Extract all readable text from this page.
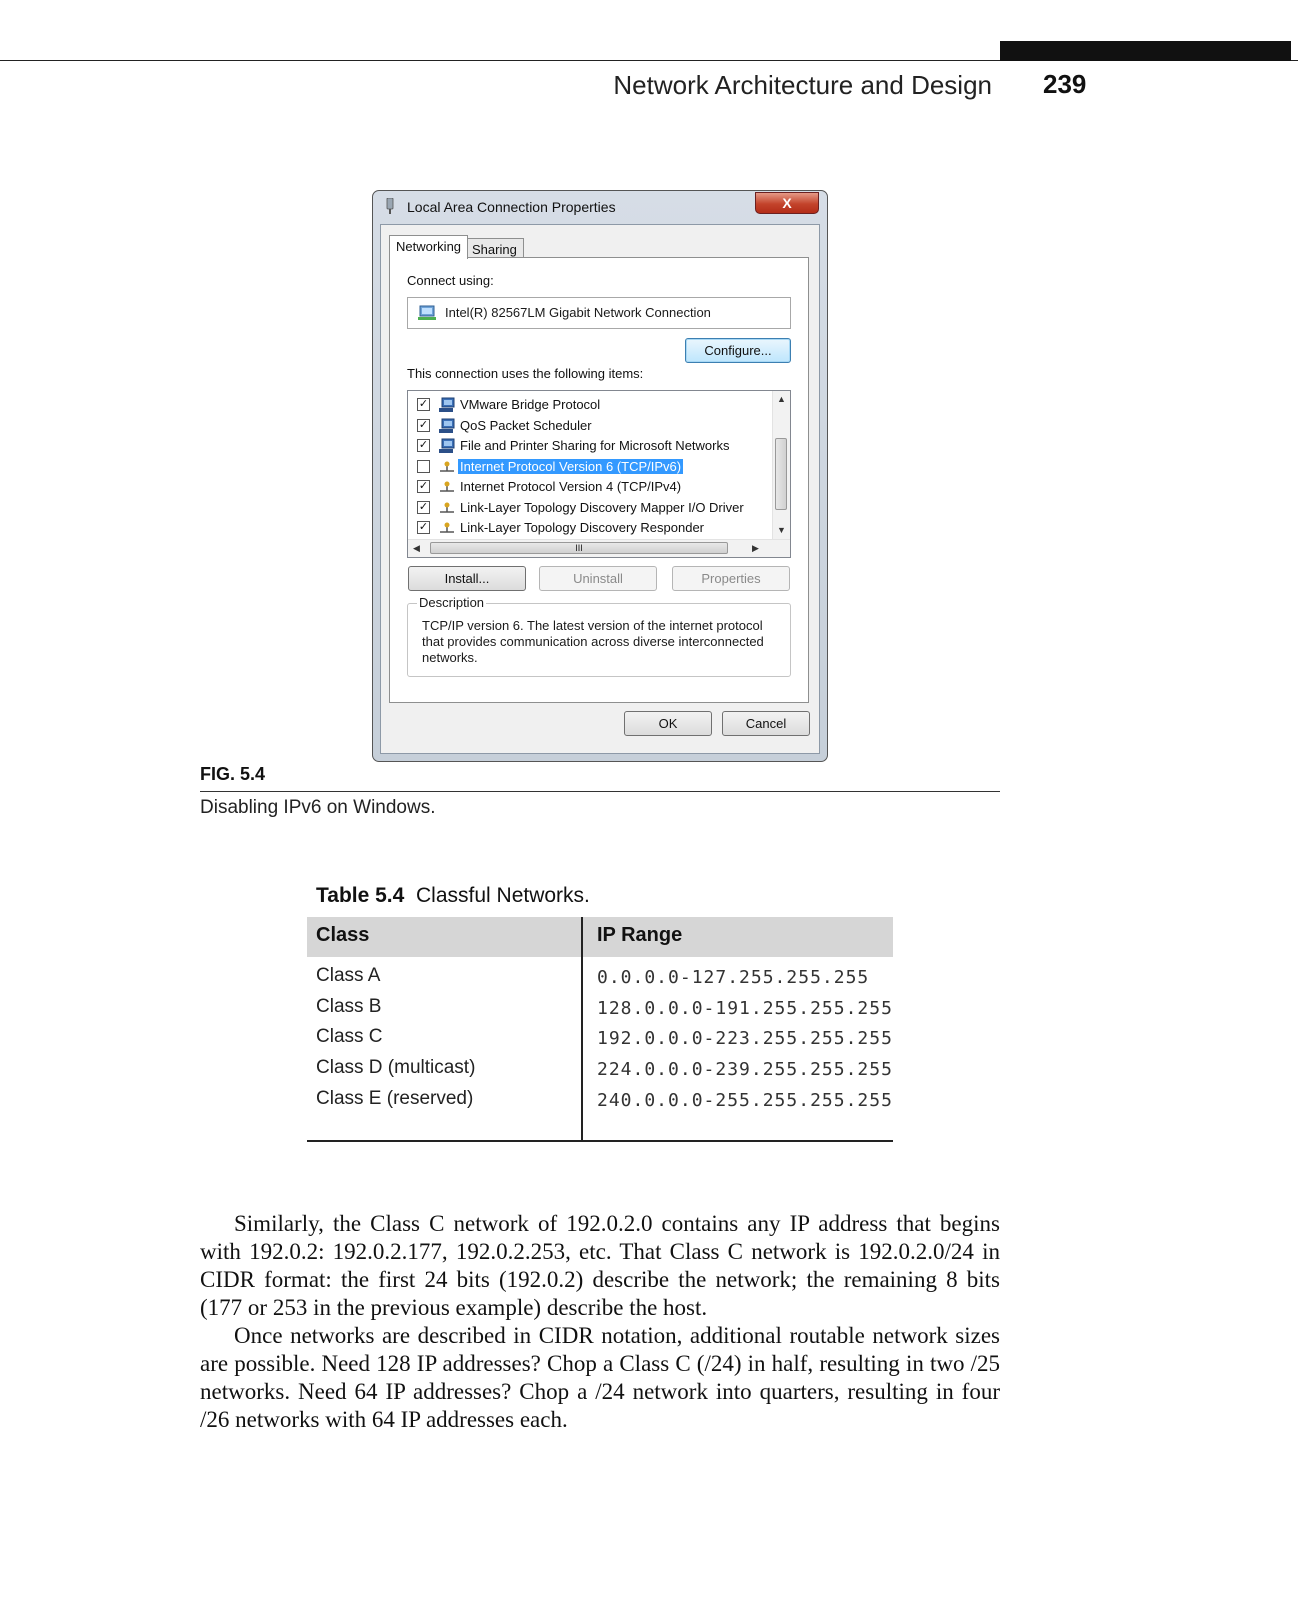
Network Architecture and Design 239
Local Area Connection Properties	X
Networking Sharing
Connect using:
Intel(R) 82567LM Gigabit Network Connection
Configure...
This connection uses the following items:
✓ VMware Bridge Protocol
✓ QoS Packet Scheduler
✓ File and Printer Sharing for Microsoft Networks
Internet Protocol Version 6 (TCP/IPv6)
✓ Internet Protocol Version 4 (TCP/IPv4)
✓ Link-Layer Topology Discovery Mapper I/O Driver
✓ Link-Layer Topology Discovery Responder
▲
▼
◀	III	▶
Install...	Uninstall	Properties
Description
TCP/IP version 6. The latest version of the internet protocol that provides communication across diverse interconnected networks.
OK	Cancel
FIG. 5.4
Disabling IPv6 on Windows.
Table 5.4 Classful Networks.
Class	IP Range
Class A	0.0.0.0-127.255.255.255
Class B	128.0.0.0-191.255.255.255
Class C	192.0.0.0-223.255.255.255
Class D (multicast)	224.0.0.0-239.255.255.255
Class E (reserved)	240.0.0.0-255.255.255.255

Similarly, the Class C network of 192.0.2.0 contains any IP address that begins with 192.0.2: 192.0.2.177, 192.0.2.253, etc. That Class C network is 192.0.2.0/24 in CIDR format: the first 24 bits (192.0.2) describe the network; the remaining 8 bits (177 or 253 in the previous example) describe the host.

Once networks are described in CIDR notation, additional routable network sizes are possible. Need 128 IP addresses? Chop a Class C (/24) in half, resulting in two /25 networks. Need 64 IP addresses? Chop a /24 network into quarters, resulting in four /26 networks with 64 IP addresses each.
